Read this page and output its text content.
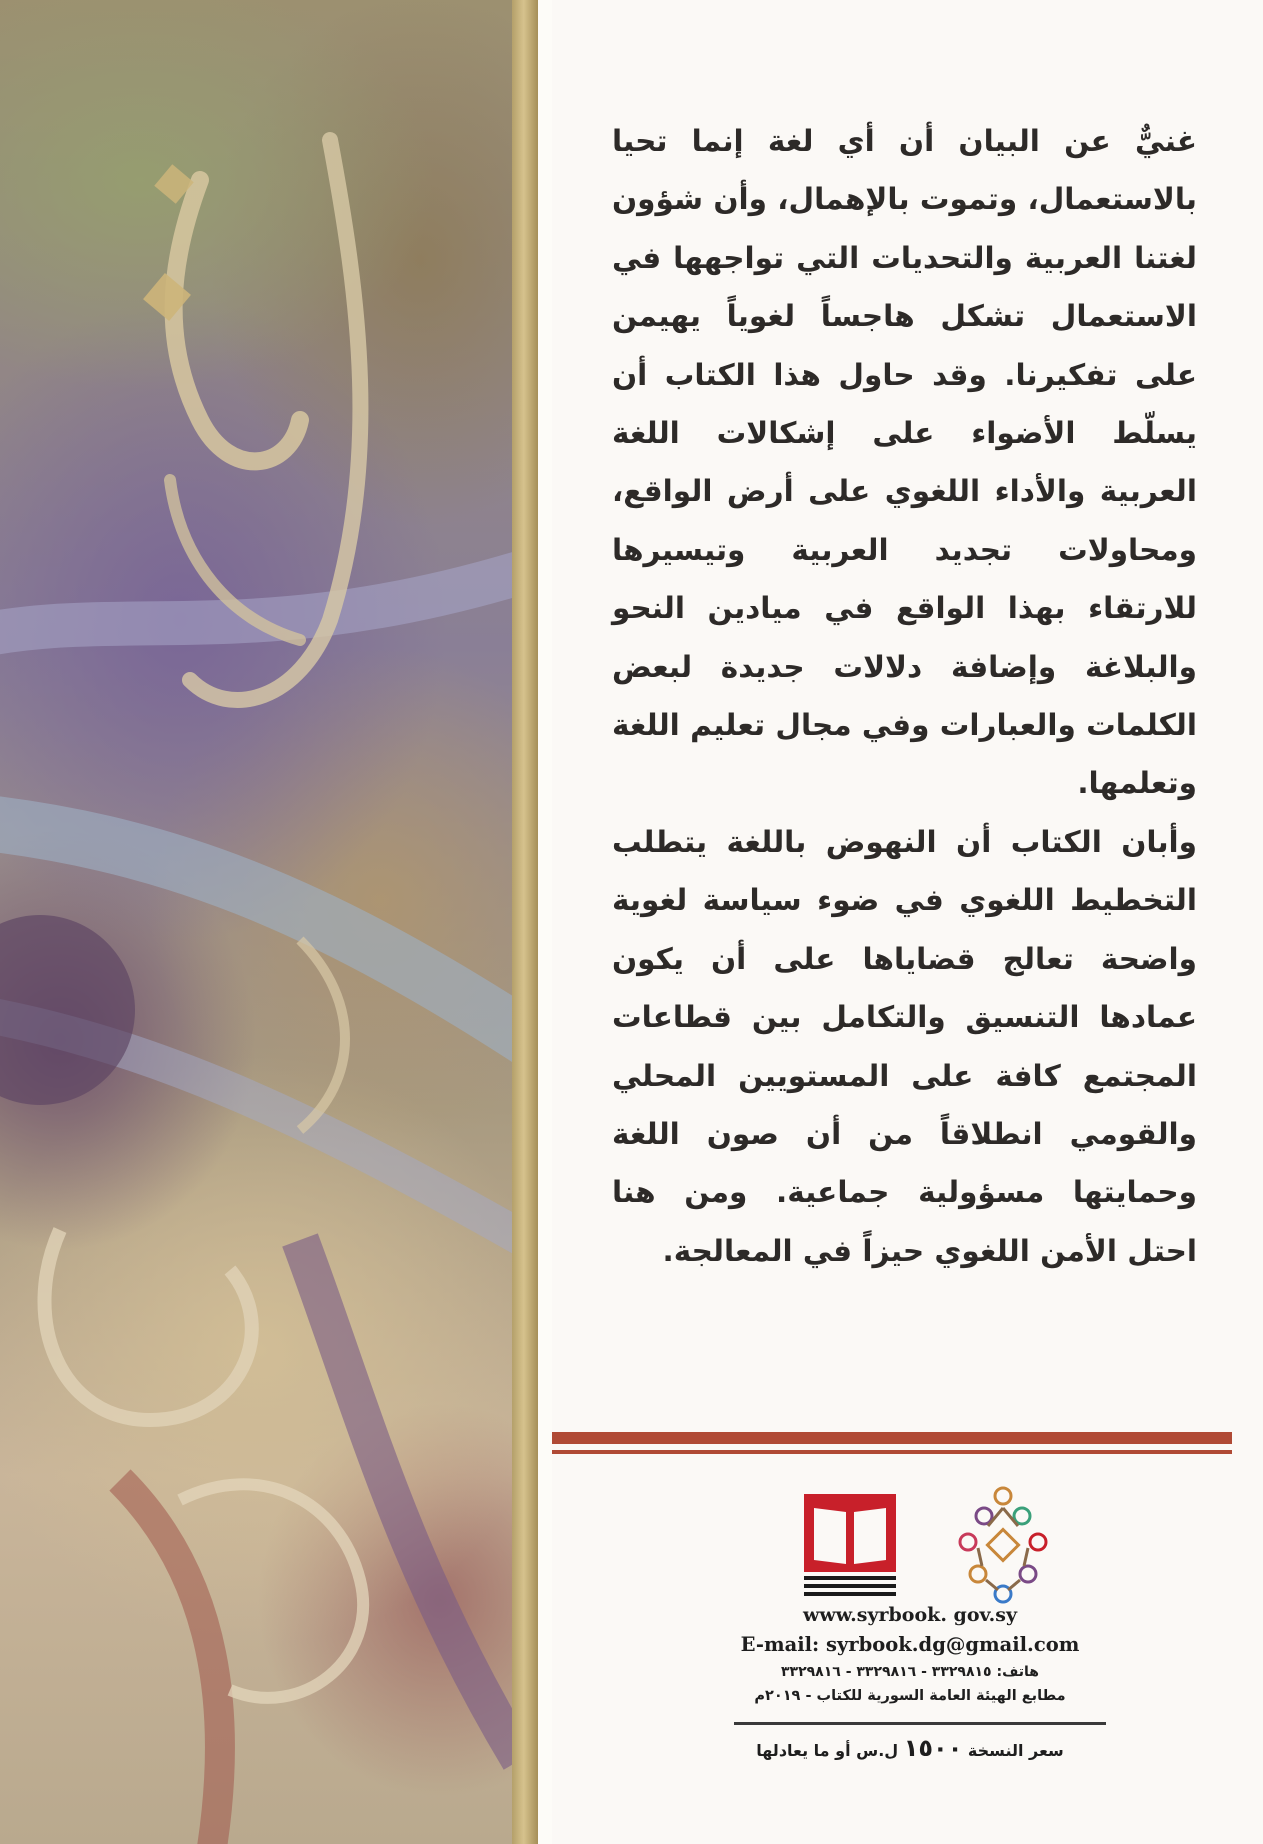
غنيٌّ عن البيان أن أي لغة إنما تحيا بالاستعمال، وتموت بالإهمال، وأن شؤون لغتنا العربية والتحديات التي تواجهها في الاستعمال تشكل هاجساً لغوياً يهيمن على تفكيرنا. وقد حاول هذا الكتاب أن يسلّط الأضواء على إشكالات اللغة العربية والأداء اللغوي على أرض الواقع، ومحاولات تجديد العربية وتيسيرها للارتقاء بهذا الواقع في ميادين النحو والبلاغة وإضافة دلالات جديدة لبعض الكلمات والعبارات وفي مجال تعليم اللغة وتعلمها.

وأبان الكتاب أن النهوض باللغة يتطلب التخطيط اللغوي في ضوء سياسة لغوية واضحة تعالج قضاياها على أن يكون عمادها التنسيق والتكامل بين قطاعات المجتمع كافة على المستويين المحلي والقومي انطلاقاً من أن صون اللغة وحمايتها مسؤولية جماعية. ومن هنا احتل الأمن اللغوي حيزاً في المعالجة.

www.syrbook. gov.sy
E-mail: syrbook.dg@gmail.com
هاتف: ٣٣٢٩٨١٥ - ٣٣٢٩٨١٦ - ٣٣٢٩٨١٦
مطابع الهيئة العامة السورية للكتاب - ٢٠١٩م
سعر النسخة ١٥٠٠ ل.س أو ما يعادلها
